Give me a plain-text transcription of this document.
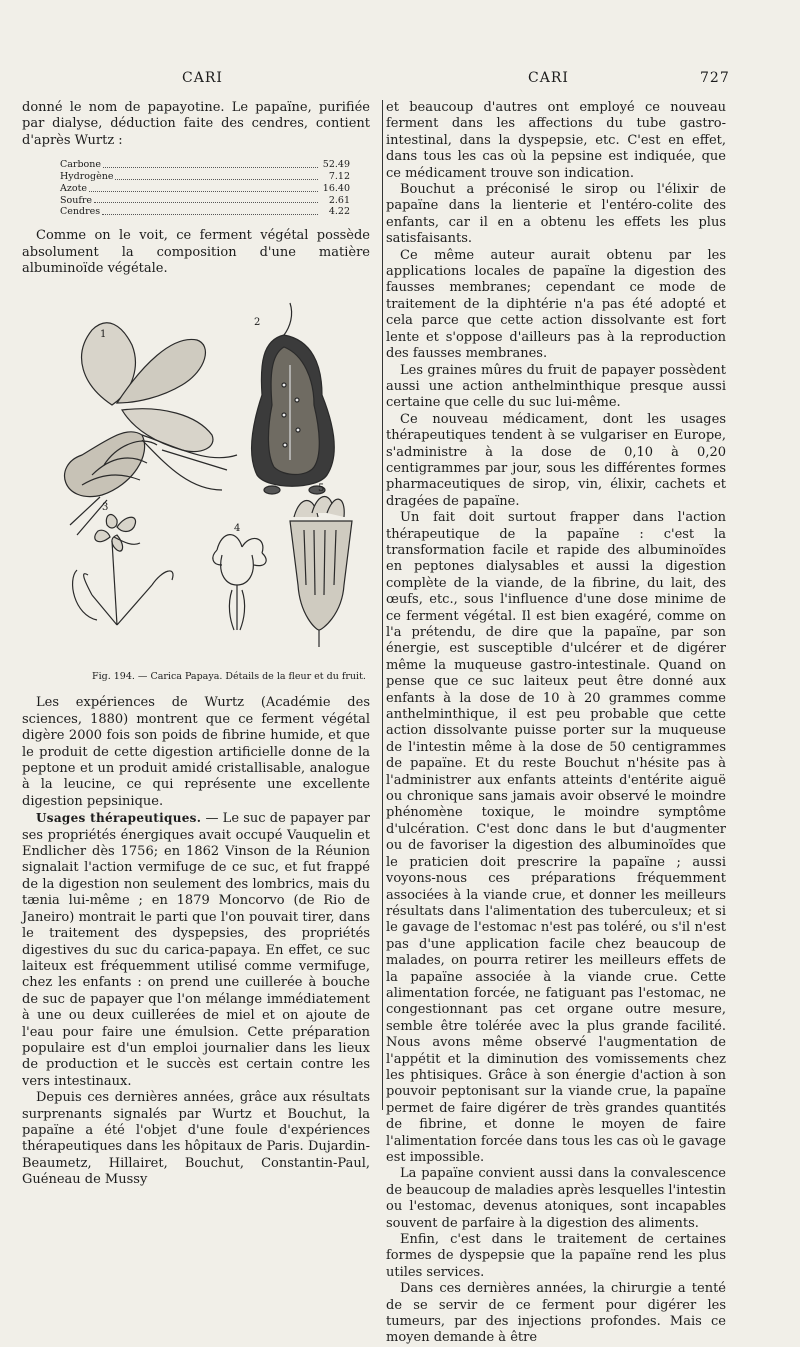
CARI	CARI	727

donné le nom de papayotine. Le papaïne, purifiée par dialyse, déduction faite des cendres, contient d'après Wurtz :

Carbone	52.49
Hydrogène	7.12
Azote	16.40
Soufre	2.61
Cendres	4.22

Comme on le voit, ce ferment végétal possède absolument la composition d'une matière albuminoïde végétale.

1
2
3
4
5
Fig. 194. — Carica Papaya. Détails de la fleur et du fruit.

Les expériences de Wurtz (Académie des sciences, 1880) montrent que ce ferment végétal digère 2000 fois son poids de fibrine humide, et que le produit de cette digestion artificielle donne de la peptone et un produit amidé cristallisable, analogue à la leucine, ce qui représente une excellente digestion pepsinique.

Usages thérapeutiques. — Le suc de papayer par ses propriétés énergiques avait occupé Vauquelin et Endlicher dès 1756; en 1862 Vinson de la Réunion signalait l'action vermifuge de ce suc, et fut frappé de la digestion non seulement des lombrics, mais du tænia lui-même ; en 1879 Moncorvo (de Rio de Janeiro) montrait le parti que l'on pouvait tirer, dans le traitement des dyspepsies, des propriétés digestives du suc du carica-papaya. En effet, ce suc laiteux est fréquemment utilisé comme vermifuge, chez les enfants : on prend une cuillerée à bouche de suc de papayer que l'on mélange immédiatement à une ou deux cuillerées de miel et on ajoute de l'eau pour faire une émulsion. Cette préparation populaire est d'un emploi journalier dans les lieux de production et le succès est certain contre les vers intestinaux.

Depuis ces dernières années, grâce aux résultats surprenants signalés par Wurtz et Bouchut, la papaïne a été l'objet d'une foule d'expériences thérapeutiques dans les hôpitaux de Paris. Dujardin-Beaumetz, Hillairet, Bouchut, Constantin-Paul, Guéneau de Mussy

et beaucoup d'autres ont employé ce nouveau ferment dans les affections du tube gastro-intestinal, dans la dyspepsie, etc. C'est en effet, dans tous les cas où la pepsine est indiquée, que ce médicament trouve son indication.

Bouchut a préconisé le sirop ou l'élixir de papaïne dans la lienterie et l'entéro-colite des enfants, car il en a obtenu les effets les plus satisfaisants.

Ce même auteur aurait obtenu par les applications locales de papaïne la digestion des fausses membranes; cependant ce mode de traitement de la diphtérie n'a pas été adopté et cela parce que cette action dissolvante est fort lente et s'oppose d'ailleurs pas à la reproduction des fausses membranes.

Les graines mûres du fruit de papayer possèdent aussi une action anthelminthique presque aussi certaine que celle du suc lui-même.

Ce nouveau médicament, dont les usages thérapeutiques tendent à se vulgariser en Europe, s'administre à la dose de 0,10 à 0,20 centigrammes par jour, sous les différentes formes pharmaceutiques de sirop, vin, élixir, cachets et dragées de papaïne.

Un fait doit surtout frapper dans l'action thérapeutique de la papaïne : c'est la transformation facile et rapide des albuminoïdes en peptones dialysables et aussi la digestion complète de la viande, de la fibrine, du lait, des œufs, etc., sous l'influence d'une dose minime de ce ferment végétal. Il est bien exagéré, comme on l'a prétendu, de dire que la papaïne, par son énergie, est susceptible d'ulcérer et de digérer même la muqueuse gastro-intestinale. Quand on pense que ce suc laiteux peut être donné aux enfants à la dose de 10 à 20 grammes comme anthelminthique, il est peu probable que cette action dissolvante puisse porter sur la muqueuse de l'intestin même à la dose de 50 centigrammes de papaïne. Et du reste Bouchut n'hésite pas à l'administrer aux enfants atteints d'entérite aiguë ou chronique sans jamais avoir observé le moindre phénomène toxique, le moindre symptôme d'ulcération. C'est donc dans le but d'augmenter ou de favoriser la digestion des albuminoïdes que le praticien doit prescrire la papaïne ; aussi voyons-nous ces préparations fréquemment associées à la viande crue, et donner les meilleurs résultats dans l'alimentation des tuberculeux; et si le gavage de l'estomac n'est pas toléré, ou s'il n'est pas d'une application facile chez beaucoup de malades, on pourra retirer les meilleurs effets de la papaïne associée à la viande crue. Cette alimentation forcée, ne fatiguant pas l'estomac, ne congestionnant pas cet organe outre mesure, semble être tolérée avec la plus grande facilité. Nous avons même observé l'augmentation de l'appétit et la diminution des vomissements chez les phtisiques. Grâce à son énergie d'action à son pouvoir peptonisant sur la viande crue, la papaïne permet de faire digérer de très grandes quantités de fibrine, et donne le moyen de faire l'alimentation forcée dans tous les cas où le gavage est impossible.

La papaïne convient aussi dans la convalescence de beaucoup de maladies après lesquelles l'intestin ou l'estomac, devenus atoniques, sont incapables souvent de parfaire à la digestion des aliments.

Enfin, c'est dans le traitement de certaines formes de dyspepsie que la papaïne rend les plus utiles services.

Dans ces dernières années, la chirurgie a tenté de se servir de ce ferment pour digérer les tumeurs, par des injections profondes. Mais ce moyen demande à être
